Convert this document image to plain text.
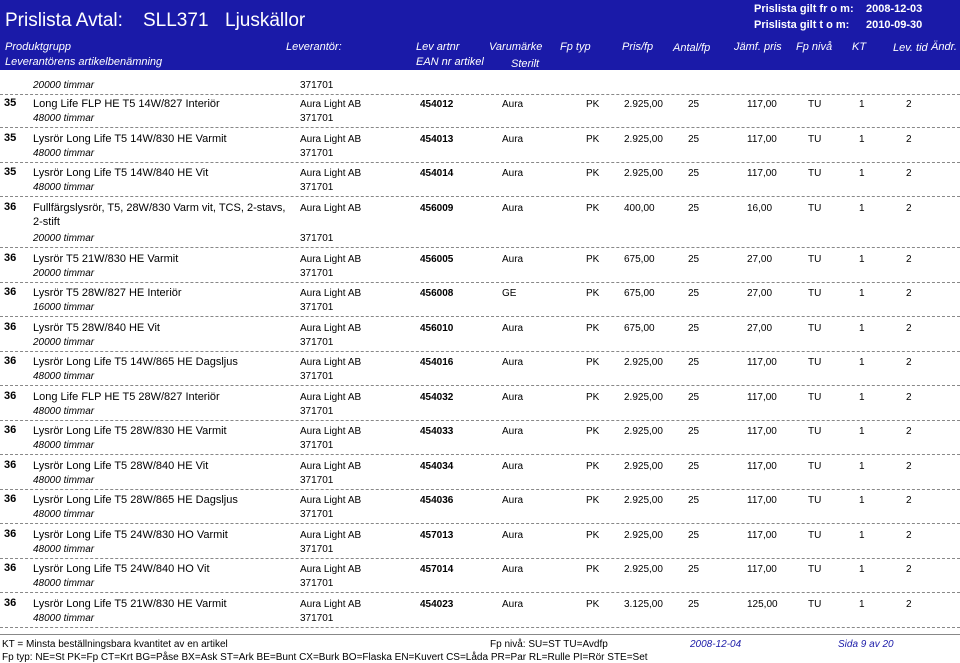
Prislista Avtal: SLL371 Ljuskällor
Prislista gilt fr o m: 2008-12-03
Prislista gilt t o m: 2010-09-30
Produktgrupp	Leverantör:	Lev artnr	Varumärke Fp typ	Pris/fp Antal/fp Jämf. pris Fp nivå KT Lev. tid Ändr.
Leverantörens artikelbenämning	EAN nr artikel Sterilt
20000 timmar	371701
35 Long Life FLP HE T5 14W/827 Interiör	Aura Light AB	454012	Aura	PK 2.925,00	25	117,00	TU	1	2
48000 timmar	371701
35 Lysrör Long Life T5 14W/830 HE Varmit	Aura Light AB	454013	Aura	PK 2.925,00	25	117,00	TU	1	2
48000 timmar	371701
35 Lysrör Long Life T5 14W/840 HE Vit	Aura Light AB	454014	Aura	PK 2.925,00	25	117,00	TU	1	2
48000 timmar	371701
36 Fullfärgslysrör, T5, 28W/830 Varm vit, TCS, 2-stavs, Aura Light AB	456009	Aura	PK 400,00	25	16,00	TU	1	2
2-stift
20000 timmar	371701
36 Lysrör T5 21W/830 HE Varmit	Aura Light AB	456005	Aura	PK 675,00	25	27,00	TU	1	2
20000 timmar	371701
36 Lysrör T5 28W/827 HE Interiör	Aura Light AB	456008	GE	PK 675,00	25	27,00	TU	1	2
16000 timmar	371701
36 Lysrör T5 28W/840 HE Vit	Aura Light AB	456010	Aura	PK 675,00	25	27,00	TU	1	2
20000 timmar	371701
36 Lysrör Long Life T5 14W/865 HE Dagsljus	Aura Light AB	454016	Aura	PK 2.925,00	25	117,00	TU	1	2
48000 timmar	371701
36 Long Life FLP HE T5 28W/827 Interiör	Aura Light AB	454032	Aura	PK 2.925,00	25	117,00	TU	1	2
48000 timmar	371701
36 Lysrör Long Life T5 28W/830 HE Varmit	Aura Light AB	454033	Aura	PK 2.925,00	25	117,00	TU	1	2
48000 timmar	371701
36 Lysrör Long Life T5 28W/840 HE Vit	Aura Light AB	454034	Aura	PK 2.925,00	25	117,00	TU	1	2
48000 timmar	371701
36 Lysrör Long Life T5 28W/865 HE Dagsljus	Aura Light AB	454036	Aura	PK 2.925,00	25	117,00	TU	1	2
48000 timmar	371701
36 Lysrör Long Life T5 24W/830 HO Varmit	Aura Light AB	457013	Aura	PK 2.925,00	25	117,00	TU	1	2
48000 timmar	371701
36 Lysrör Long Life T5 24W/840 HO Vit	Aura Light AB	457014	Aura	PK 2.925,00	25	117,00	TU	1	2
48000 timmar	371701
36 Lysrör Long Life T5 21W/830 HE Varmit	Aura Light AB	454023	Aura	PK 3.125,00	25	125,00	TU	1	2
48000 timmar	371701
KT = Minsta beställningsbara kvantitet av en artikel	Fp nivå: SU=ST TU=Avdfp	2008-12-04	Sida 9 av 20
Fp typ: NE=St PK=Fp CT=Krt BG=Påse BX=Ask ST=Ark BE=Bunt CX=Burk BO=Flaska EN=Kuvert CS=Låda PR=Par RL=Rulle PI=Rör STE=Set
